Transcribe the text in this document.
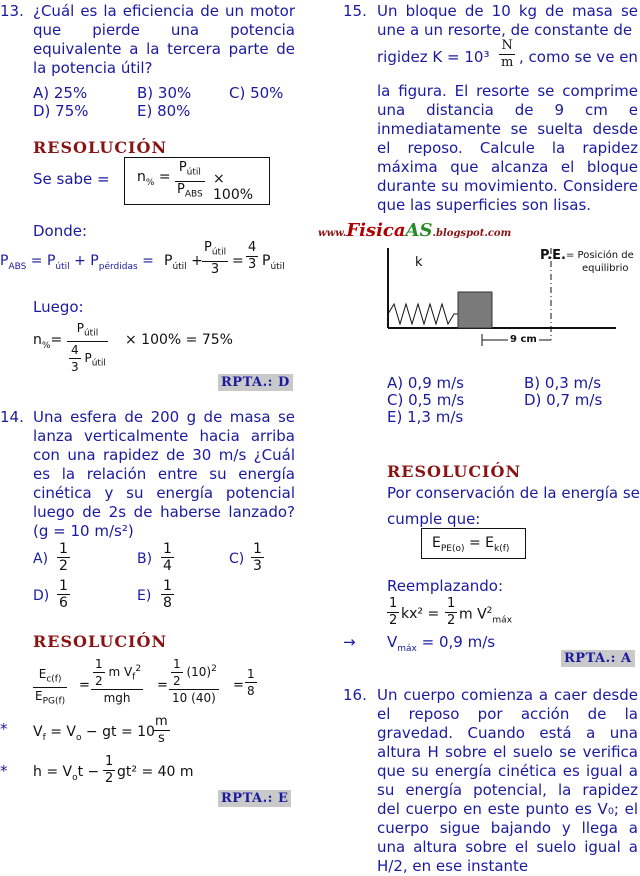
13. ¿Cuál es la eficiencia de un motor que pierde una potencia equivalente a la tercera parte de la potencia útil?
A) 25%	B) 30%	C) 50%
D) 75%	E) 80%
RESOLUCIÓN
Se sabe = $n_{\%}$ =
$P_{útil}$
$P_{ABS}$
× 100%
Donde:
$P_{ABS} = P_{útil} + P_{pérdidas} = P_{útil}$ +
$P_{útil}$
3
= $\frac{4}{3} P_{útil}$
Luego:
$n_{\%}=$
$P_{útil}$
$\frac{4}{3} P_{útil}$
× 100% = 75%
RPTA.: D
14. Una esfera de 200 g de masa se lanza verticalmente hacia arriba con una rapidez de 30 m/s ¿Cuál es la relación entre su energía cinética y su energía potencial luego de 2s de haberse lanzado? (g = 10 m/s²)
$A) \frac{1}{2}$	$B) \frac{1}{4}$	$C) \frac{1}{3}$
$D) \frac{1}{6}$	$E) \frac{1}{8}$
RESOLUCIÓN
$E_{c(f)}$
$E_{PG(f)}$
= $\frac{1}{2}$ m $V_f^2$
mgh
= $\frac{\frac{1}{2} (10)^2}{10 (40)} = \frac{1}{8}$
* $V_f = V_o$ − gt = 10
$\frac{m}{s}$
* $h = V_ot - \frac{1}{2} gt^2 = 40$ m
RPTA.: E
15. Un bloque de 10 kg de masa se une a un resorte, de constante de
rigidez $K = 10^3 \frac{N}{m}$ , como se ve en
la figura. El resorte se comprime una distancia de 9 cm e inmediatamente se suelta desde el reposo. Calcule la rapidez máxima que alcanza el bloque durante su movimiento. Considere que las superficies son lisas.
www.FisicaAS.blogspot.com
k	P.E. = Posición de
equilibrio
9 cm
A) 0,9 m/s	B) 0,3 m/s
C) 0,5 m/s	D) 0,7 m/s
E) 1,3 m/s
RESOLUCIÓN
Por conservación de la energía se
cumple que:
$E_{PE(o)} = E_{k(f)}$
Reemplazando:
$\frac{1}{2} kx^2 = \frac{1}{2}$ m $V^2_{máx}$
→ $V_{máx} = 0,9$ m/s
RPTA.: A
16. Un cuerpo comienza a caer desde el reposo por acción de la gravedad. Cuando está a una altura H sobre el suelo se verifica que su energía cinética es igual a su energía potencial, la rapidez del cuerpo en este punto es V₀; el cuerpo sigue bajando y llega a una altura sobre el suelo igual a H/2, en ese instante
